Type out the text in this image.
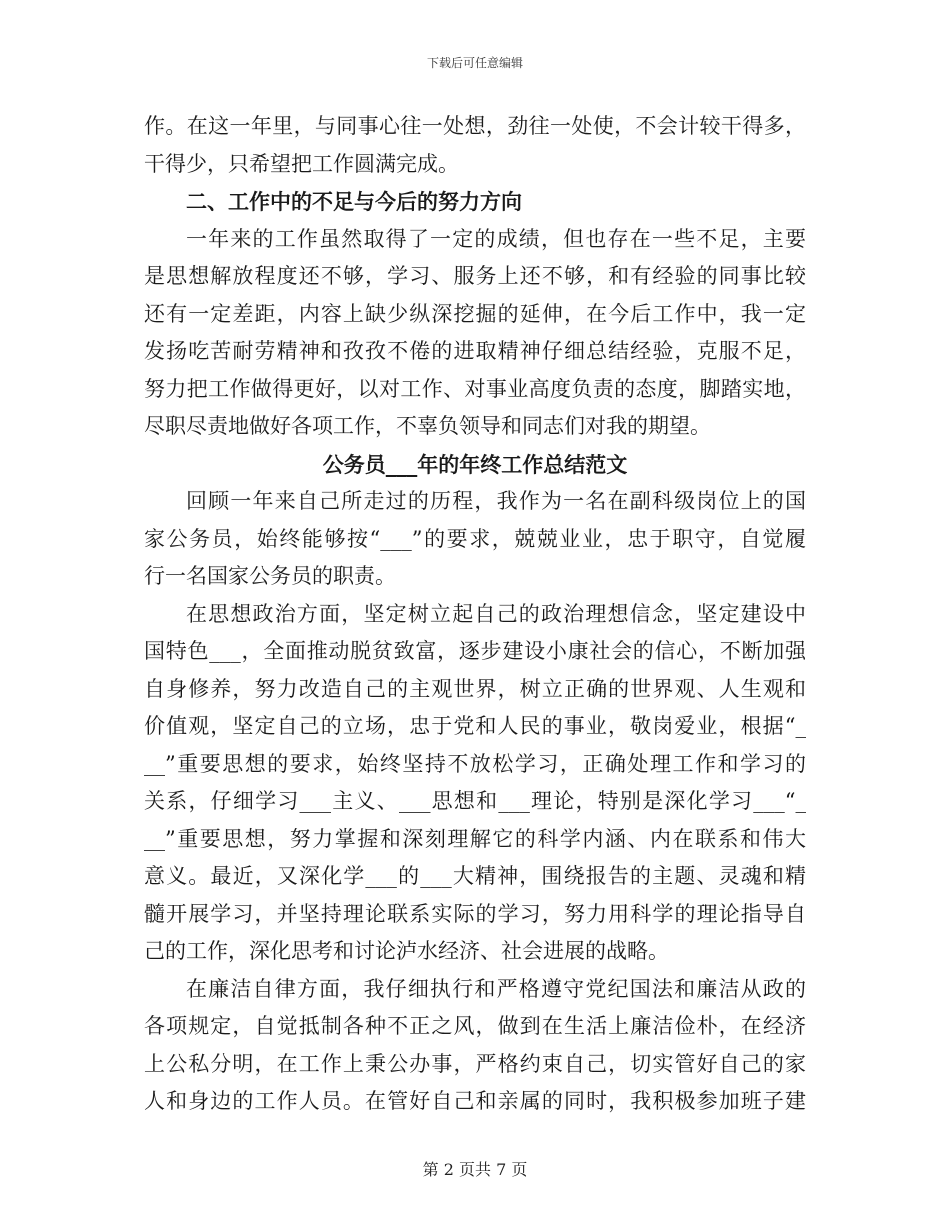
下载后可任意编辑
作。在这一年里，与同事心往一处想，劲往一处使，不会计较干得多，
干得少，只希望把工作圆满完成。
二、工作中的不足与今后的努力方向
一年来的工作虽然取得了一定的成绩，但也存在一些不足，主要
是思想解放程度还不够，学习、服务上还不够，和有经验的同事比较
还有一定差距，内容上缺少纵深挖掘的延伸，在今后工作中，我一定
发扬吃苦耐劳精神和孜孜不倦的进取精神仔细总结经验，克服不足，
努力把工作做得更好，以对工作、对事业高度负责的态度，脚踏实地，
尽职尽责地做好各项工作，不辜负领导和同志们对我的期望。
公务员___年的年终工作总结范文
回顾一年来自己所走过的历程，我作为一名在副科级岗位上的国
家公务员，始终能够按“___”的要求，兢兢业业，忠于职守，自觉履
行一名国家公务员的职责。
在思想政治方面，坚定树立起自己的政治理想信念，坚定建设中
国特色___，全面推动脱贫致富，逐步建设小康社会的信心，不断加强
自身修养，努力改造自己的主观世界，树立正确的世界观、人生观和
价值观，坚定自己的立场，忠于党和人民的事业，敬岗爱业，根据“_
__”重要思想的要求，始终坚持不放松学习，正确处理工作和学习的
关系，仔细学习___主义、___思想和___理论，特别是深化学习___“_
__”重要思想，努力掌握和深刻理解它的科学内涵、内在联系和伟大
意义。最近，又深化学___的___大精神，围绕报告的主题、灵魂和精
髓开展学习，并坚持理论联系实际的学习，努力用科学的理论指导自
己的工作，深化思考和讨论泸水经济、社会进展的战略。
在廉洁自律方面，我仔细执行和严格遵守党纪国法和廉洁从政的
各项规定，自觉抵制各种不正之风，做到在生活上廉洁俭朴，在经济
上公私分明，在工作上秉公办事，严格约束自己，切实管好自己的家
人和身边的工作人员。在管好自己和亲属的同时，我积极参加班子建
第 2 页共 7 页
